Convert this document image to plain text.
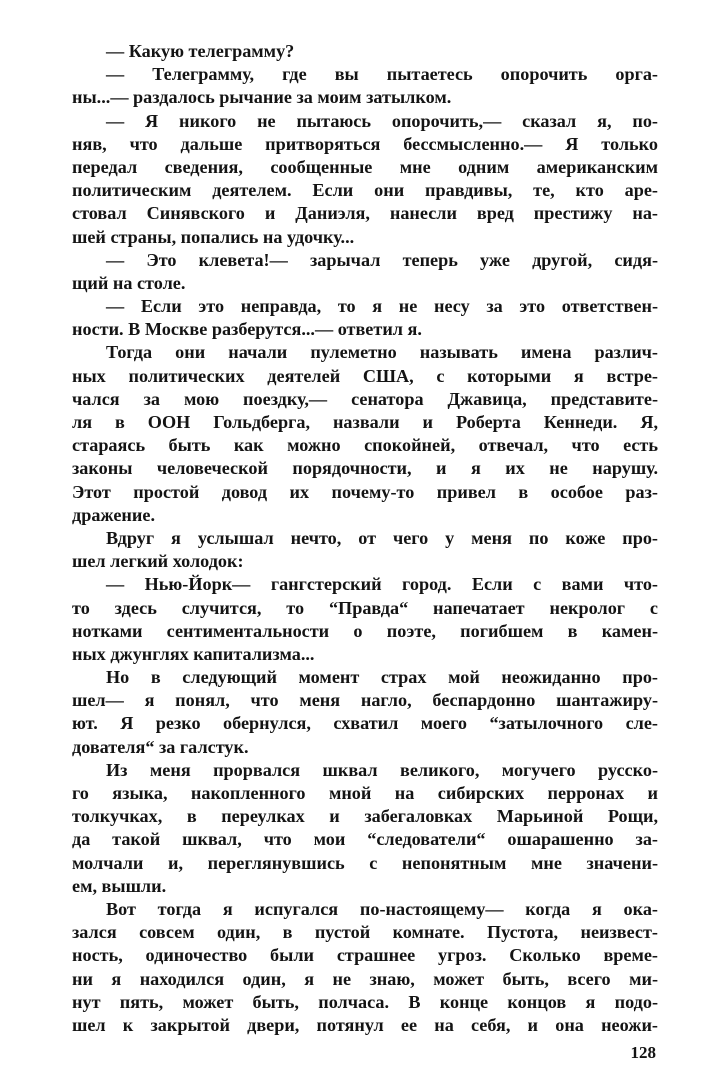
— Какую телеграмму?
— Телеграмму, где вы пытаетесь опорочить орга-
ны...— раздалось рычание за моим затылком.
— Я никого не пытаюсь опорочить,— сказал я, по-
няв, что дальше притворяться бессмысленно.— Я только
передал сведения, сообщенные мне одним американским
политическим деятелем. Если они правдивы, те, кто аре-
стовал Синявского и Даниэля, нанесли вред престижу на-
шей страны, попались на удочку...
— Это клевета!— зарычал теперь уже другой, сидя-
щий на столе.
— Если это неправда, то я не несу за это ответствен-
ности. В Москве разберутся...— ответил я.
Тогда они начали пулеметно называть имена различ-
ных политических деятелей США, с которыми я встре-
чался за мою поездку,— сенатора Джавица, представите-
ля в ООН Гольдберга, назвали и Роберта Кеннеди. Я,
стараясь быть как можно спокойней, отвечал, что есть
законы человеческой порядочности, и я их не нарушу.
Этот простой довод их почему-то привел в особое раз-
дражение.
Вдруг я услышал нечто, от чего у меня по коже про-
шел легкий холодок:
— Нью-Йорк— гангстерский город. Если с вами что-
то здесь случится, то “Правда“ напечатает некролог с
нотками сентиментальности о поэте, погибшем в камен-
ных джунглях капитализма...
Но в следующий момент страх мой неожиданно про-
шел— я понял, что меня нагло, беспардонно шантажиру-
ют. Я резко обернулся, схватил моего “затылочного сле-
дователя“ за галстук.
Из меня прорвался шквал великого, могучего русско-
го языка, накопленного мной на сибирских перронах и
толкучках, в переулках и забегаловках Марьиной Рощи,
да такой шквал, что мои “следователи“ ошарашенно за-
молчали и, переглянувшись с непонятным мне значени-
ем, вышли.
Вот тогда я испугался по-настоящему— когда я ока-
зался совсем один, в пустой комнате. Пустота, неизвест-
ность, одиночество были страшнее угроз. Сколько време-
ни я находился один, я не знаю, может быть, всего ми-
нут пять, может быть, полчаса. В конце концов я подо-
шел к закрытой двери, потянул ее на себя, и она неожи-
128
